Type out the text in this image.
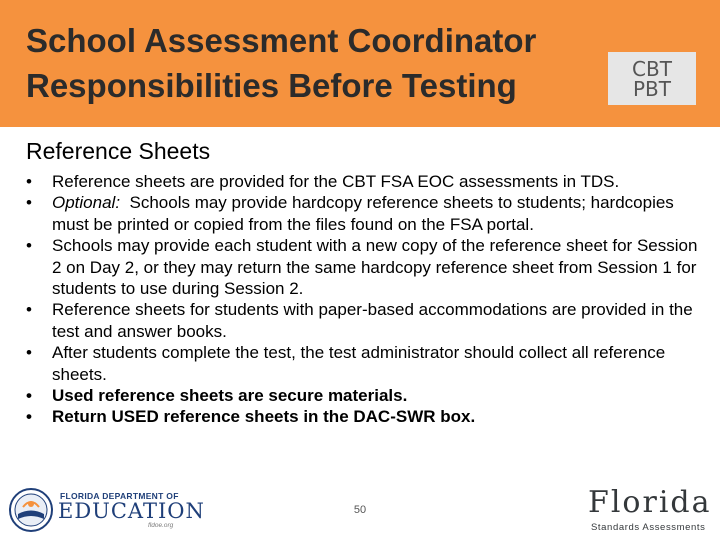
School Assessment Coordinator
Responsibilities Before Testing	CBT
PBT
Reference Sheets
• Reference sheets are provided for the CBT FSA EOC assessments in TDS.
• Optional:  Schools may provide hardcopy reference sheets to students; hardcopies must be printed or copied from the files found on the FSA portal.
• Schools may provide each student with a new copy of the reference sheet for Session 2 on Day 2, or they may return the same hardcopy reference sheet from Session 1 for students to use during Session 2.
• Reference sheets for students with paper-based accommodations are provided in the test and answer books.
• After students complete the test, the test administrator should collect all reference sheets.
• Used reference sheets are secure materials.
• Return USED reference sheets in the DAC-SWR box.
FLORIDA DEPARTMENT OF
EDUCATION
fldoe.org
50	Florida
Standards Assessments
